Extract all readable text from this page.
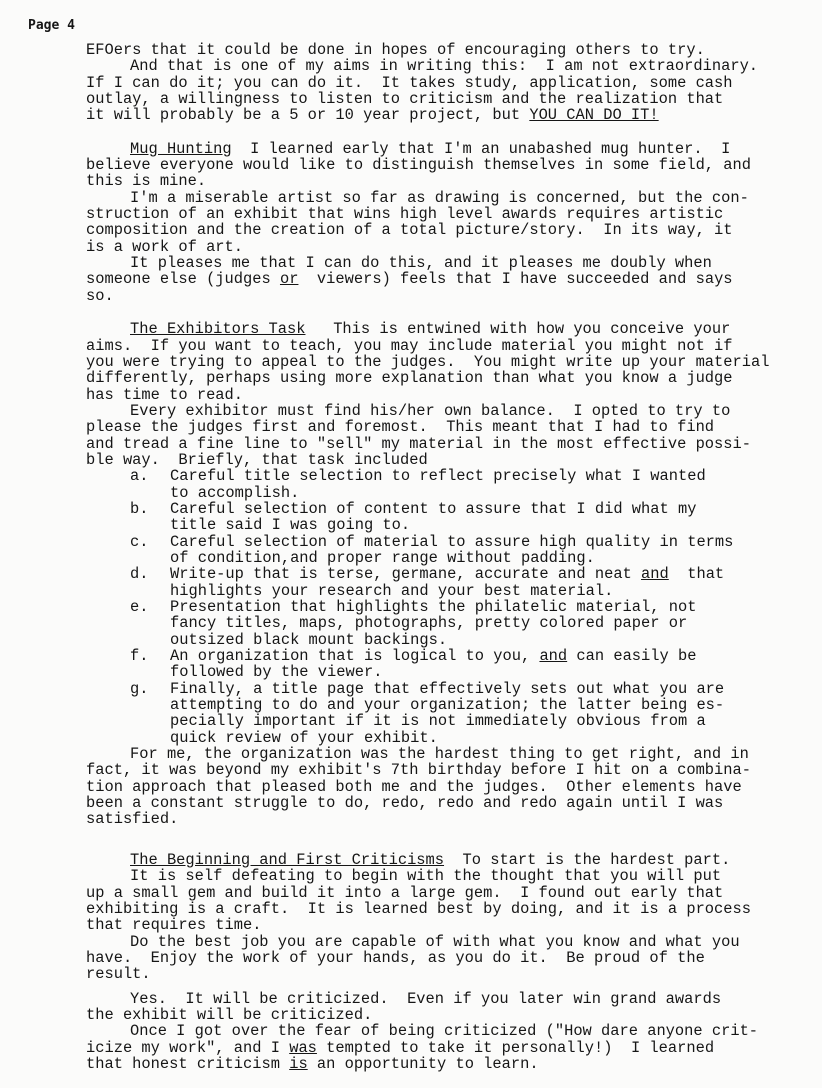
Page 4
EFOers that it could be done in hopes of encouraging others to try.
And that is one of my aims in writing this:  I am not extraordinary.
If I can do it; you can do it.  It takes study, application, some cash
outlay, a willingness to listen to criticism and the realization that
it will probably be a 5 or 10 year project, but YOU CAN DO IT!
Mug Hunting  I learned early that I'm an unabashed mug hunter.  I
believe everyone would like to distinguish themselves in some field, and
this is mine.
I'm a miserable artist so far as drawing is concerned, but the con-
struction of an exhibit that wins high level awards requires artistic
composition and the creation of a total picture/story.  In its way, it
is a work of art.
It pleases me that I can do this, and it pleases me doubly when
someone else (judges or  viewers) feels that I have succeeded and says
so.
The Exhibitors Task   This is entwined with how you conceive your
aims.  If you want to teach, you may include material you might not if
you were trying to appeal to the judges.  You might write up your material
differently, perhaps using more explanation than what you know a judge
has time to read.
Every exhibitor must find his/her own balance.  I opted to try to
please the judges first and foremost.  This meant that I had to find
and tread a fine line to "sell" my material in the most effective possi-
ble way.  Briefly, that task included
a.	Careful title selection to reflect precisely what I wanted
to accomplish.
b.	Careful selection of content to assure that I did what my
title said I was going to.
c.	Careful selection of material to assure high quality in terms
of condition,and proper range without padding.
d.	Write-up that is terse, germane, accurate and neat and  that
highlights your research and your best material.
e.	Presentation that highlights the philatelic material, not
fancy titles, maps, photographs, pretty colored paper or
outsized black mount backings.
f.	An organization that is logical to you, and can easily be
followed by the viewer.
g.	Finally, a title page that effectively sets out what you are
attempting to do and your organization; the latter being es-
pecially important if it is not immediately obvious from a
quick review of your exhibit.
For me, the organization was the hardest thing to get right, and in
fact, it was beyond my exhibit's 7th birthday before I hit on a combina-
tion approach that pleased both me and the judges.  Other elements have
been a constant struggle to do, redo, redo and redo again until I was
satisfied.
The Beginning and First Criticisms  To start is the hardest part.
It is self defeating to begin with the thought that you will put
up a small gem and build it into a large gem.  I found out early that
exhibiting is a craft.  It is learned best by doing, and it is a process
that requires time.
Do the best job you are capable of with what you know and what you
have.  Enjoy the work of your hands, as you do it.  Be proud of the
result.
Yes.  It will be criticized.  Even if you later win grand awards
the exhibit will be criticized.
Once I got over the fear of being criticized ("How dare anyone crit-
icize my work", and I was tempted to take it personally!)  I learned
that honest criticism is an opportunity to learn.
